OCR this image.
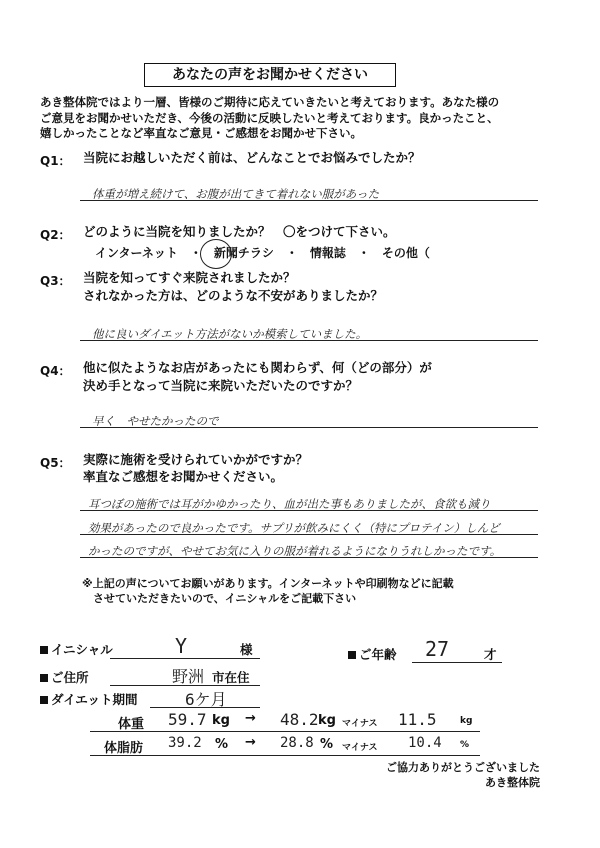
あなたの声をお聞かせください
あき整体院ではより一層、皆様のご期待に応えていきたいと考えております。あなた様の
ご意見をお聞かせいただき、今後の活動に反映したいと考えております。良かったこと、
嬉しかったことなど率直なご意見・ご感想をお聞かせ下さい。
Q1： 当院にお越しいただく前は、どんなことでお悩みでしたか？
体重が増え続けて、お腹が出てきて着れない服があった
Q2： どのように当院を知りましたか？　〇をつけて下さい。
インターネット　・　新聞チラシ　・　情報誌　・　その他（
Q3： 当院を知ってすぐ来院されましたか？
されなかった方は、どのような不安がありましたか？
他に良いダイエット方法がないか模索していました。
Q4： 他に似たようなお店があったにも関わらず、何（どの部分）が
決め手となって当院に来院いただいたのですか？
早く　やせたかったので
Q5： 実際に施術を受けられていかがですか？
率直なご感想をお聞かせください。
耳つぼの施術では耳がかゆかったり、血が出た事もありましたが、食欲も減り
効果があったので良かったです。サプリが飲みにくく（特にプロテイン）しんど
かったのですが、やせてお気に入りの服が着れるようになりうれしかったです。
※上記の声についてお願いがあります。インターネットや印刷物などに記載
　させていただきたいので、イニシャルをご記載下さい
イニシャル	Y	様	ご年齢 27	才
ご住所	野洲 市在住
ダイエット期間	6ケ月
体重 59.7 kg → 48.2 kg マイナス 11.5	kg
体脂肪 39.2 % → 28.8 % マイナス 10.4 %
ご協力ありがとうございました
あき整体院
